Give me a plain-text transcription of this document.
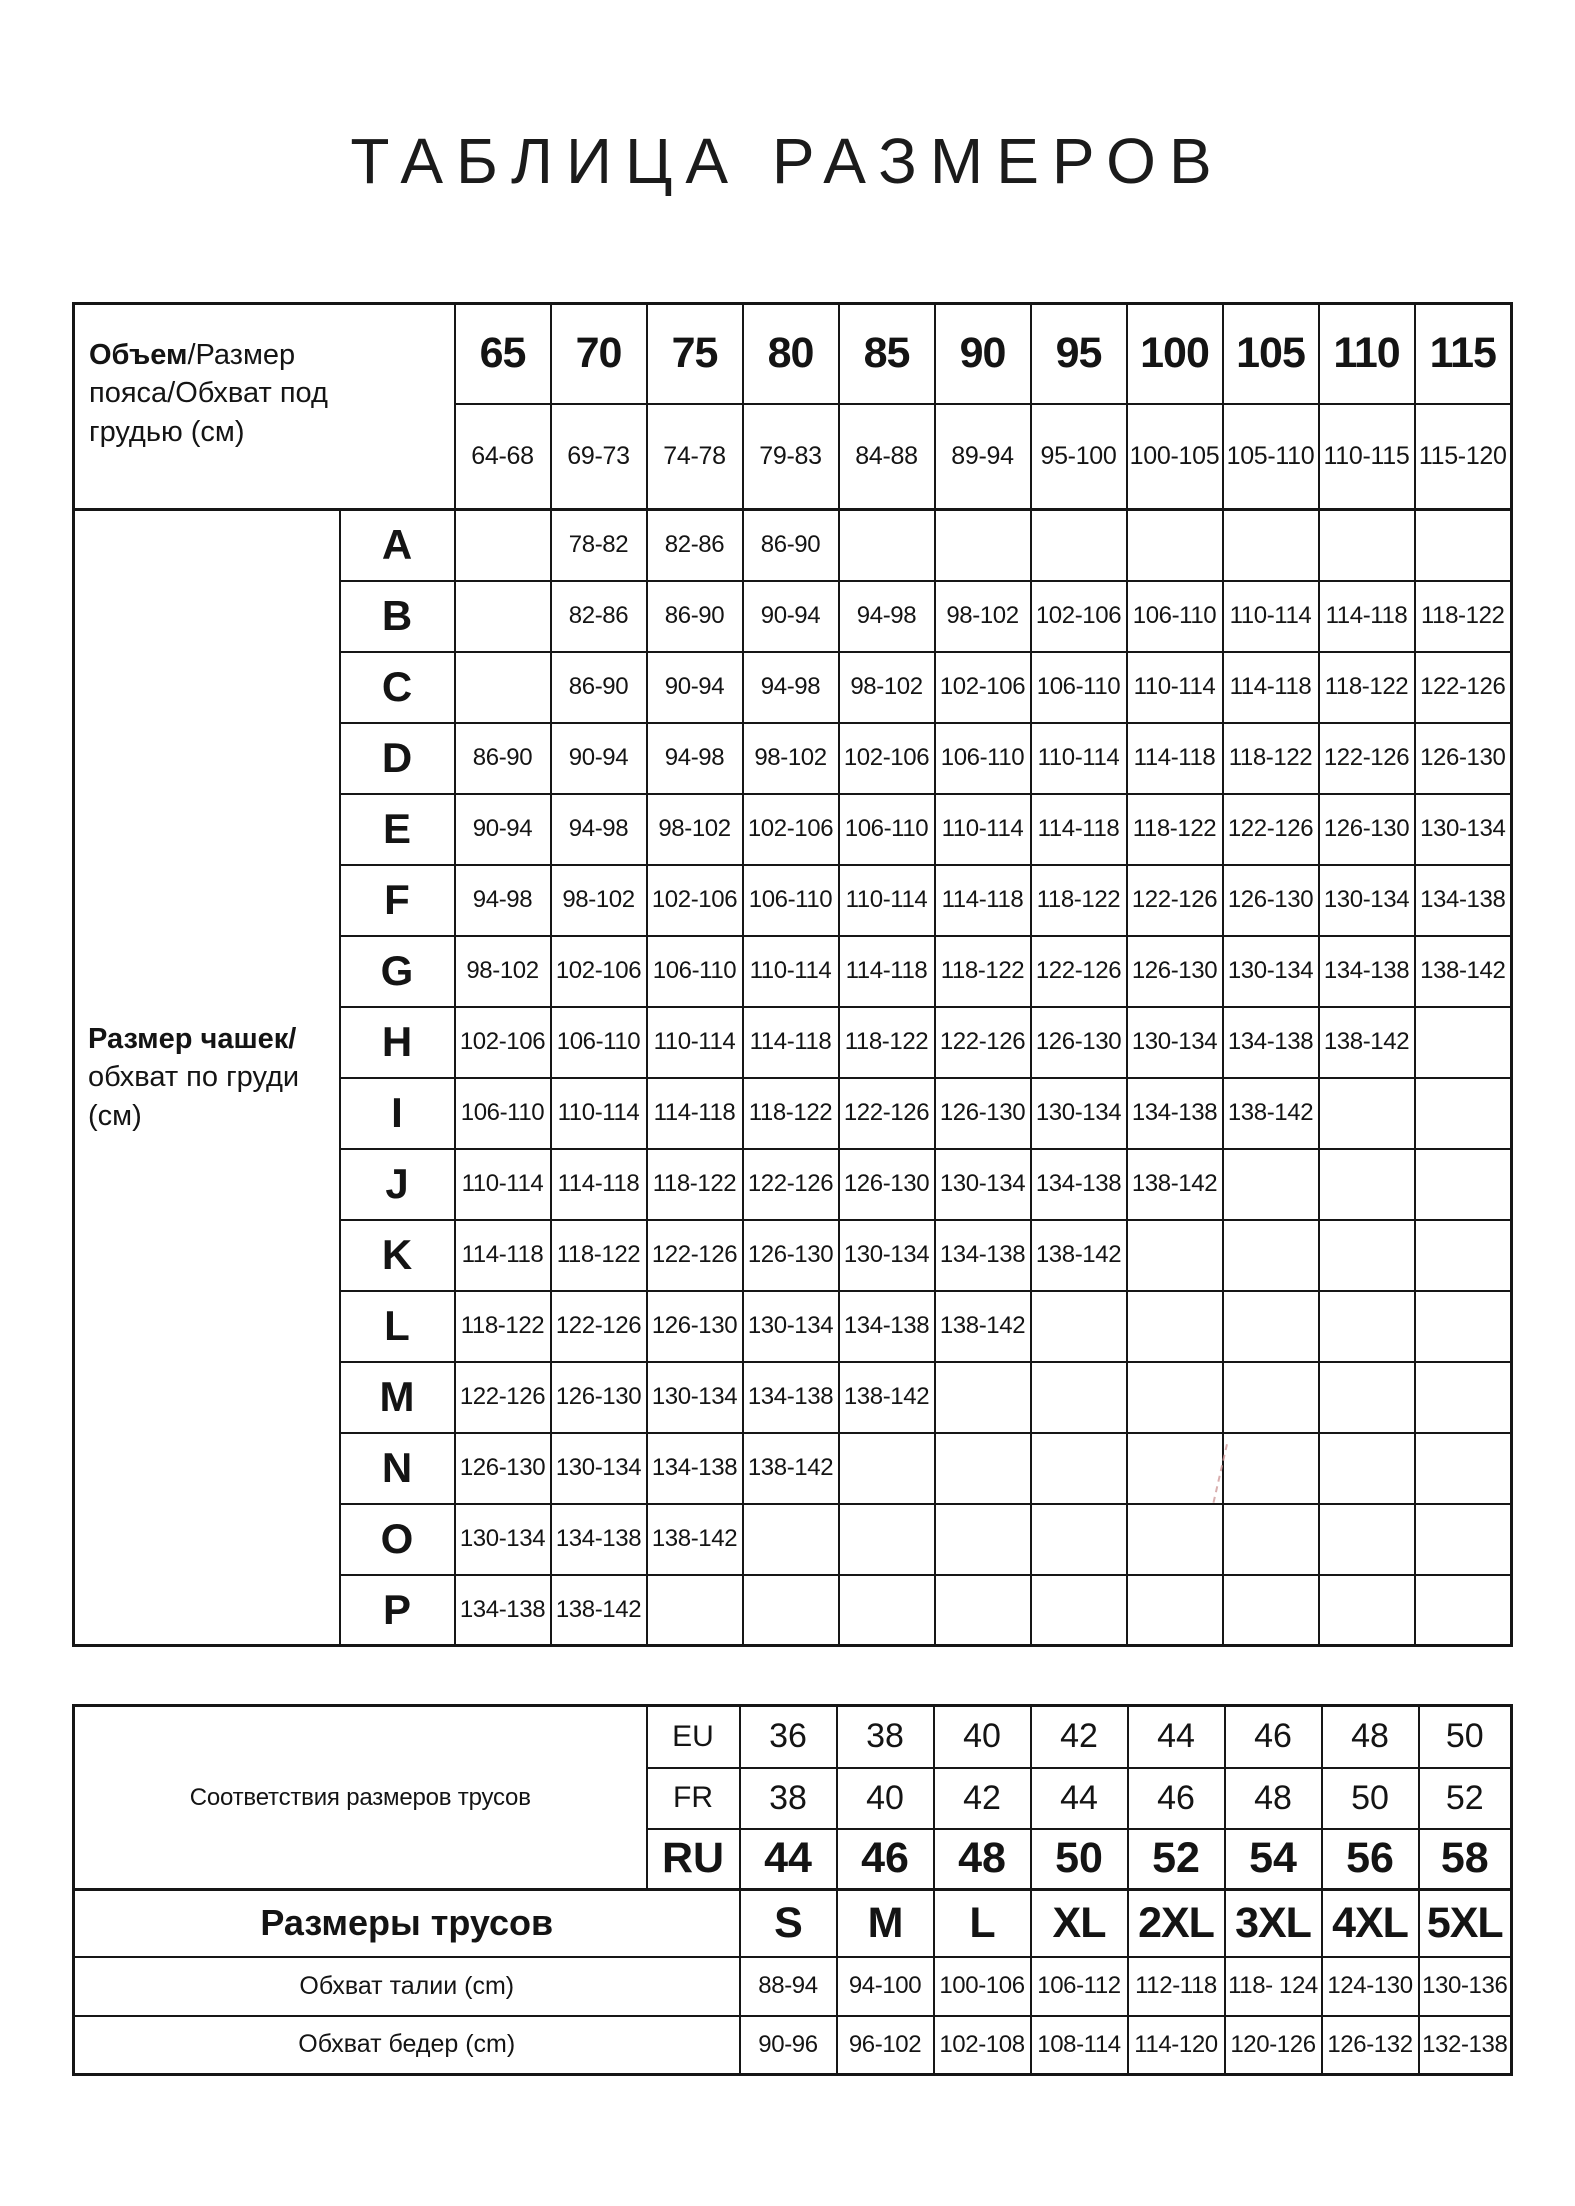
ТАБЛИЦА РАЗМЕРОВ
Объем/Размер пояса/Обхват под грудью (см)		65	70	75	80	85	90	95	100	105	110	115
		64-68	69-73	74-78	79-83	84-88	89-94	95-100	100-105	105-110	110-115	115-120

Размер чашек/ обхват по груди (см)	A		78-82	82-86	86-90							
	B		82-86	86-90	90-94	94-98	98-102	102-106	106-110	110-114	114-118	118-122
	C		86-90	90-94	94-98	98-102	102-106	106-110	110-114	114-118	118-122	122-126
	D	86-90	90-94	94-98	98-102	102-106	106-110	110-114	114-118	118-122	122-126	126-130
	E	90-94	94-98	98-102	102-106	106-110	110-114	114-118	118-122	122-126	126-130	130-134
	F	94-98	98-102	102-106	106-110	110-114	114-118	118-122	122-126	126-130	130-134	134-138
	G	98-102	102-106	106-110	110-114	114-118	118-122	122-126	126-130	130-134	134-138	138-142
	H	102-106	106-110	110-114	114-118	118-122	122-126	126-130	130-134	134-138	138-142	
	I	106-110	110-114	114-118	118-122	122-126	126-130	130-134	134-138	138-142		
	J	110-114	114-118	118-122	122-126	126-130	130-134	134-138	138-142			
	K	114-118	118-122	122-126	126-130	130-134	134-138	138-142				
	L	118-122	122-126	126-130	130-134	134-138	138-142					
	M	122-126	126-130	130-134	134-138	138-142						
	N	126-130	130-134	134-138	138-142							
	O	130-134	134-138	138-142								
	P	134-138	138-142									
Соответствия размеров трусов	EU	36	38	40	42	44	46	48	50
	FR	38	40	42	44	46	48	50	52
	RU	44	46	48	50	52	54	56	58
Размеры трусов		S	M	L	XL	2XL	3XL	4XL	5XL
Обхват талии (cm)		88-94	94-100	100-106	106-112	112-118	118- 124	124-130	130-136
Обхват бедер (cm)		90-96	96-102	102-108	108-114	114-120	120-126	126-132	132-138
